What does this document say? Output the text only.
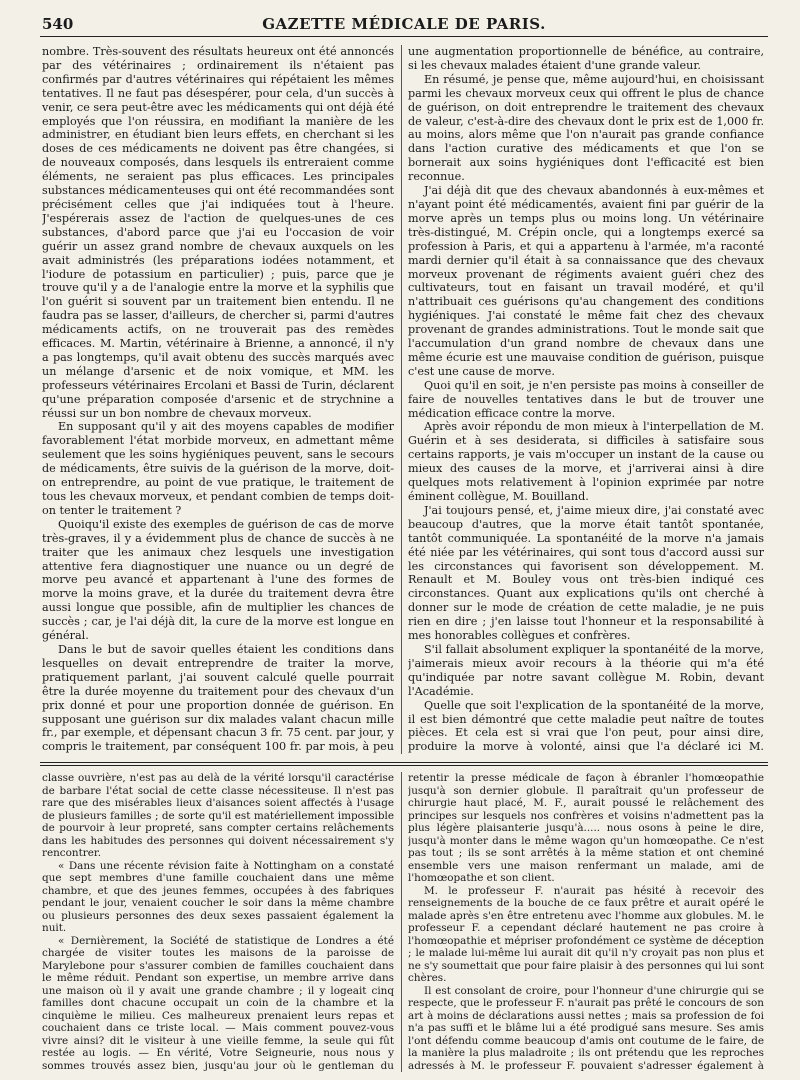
540	GAZETTE MÉDICALE DE PARIS.

nombre. Très-souvent des résultats heureux ont été annoncés par des vétérinaires ; ordinairement ils n'étaient pas confirmés par d'autres vétérinaires qui répétaient les mêmes tentatives. Il ne faut pas désespérer, pour cela, d'un succès à venir, ce sera peut-être avec les médicaments qui ont déjà été employés que l'on réussira, en modifiant la manière de les administrer, en étudiant bien leurs effets, en cherchant si les doses de ces médicaments ne doivent pas être changées, si de nouveaux composés, dans lesquels ils entreraient comme éléments, ne seraient pas plus efficaces. Les principales substances médicamenteuses qui ont été recommandées sont précisément celles que j'ai indiquées tout à l'heure. J'espérerais assez de l'action de quelques-unes de ces substances, d'abord parce que j'ai eu l'occasion de voir guérir un assez grand nombre de chevaux auxquels on les avait administrés (les préparations iodées notamment, et l'iodure de potassium en particulier) ; puis, parce que je trouve qu'il y a de l'analogie entre la morve et la syphilis que l'on guérit si souvent par un traitement bien entendu. Il ne faudra pas se lasser, d'ailleurs, de chercher si, parmi d'autres médicaments actifs, on ne trouverait pas des remèdes efficaces. M. Martin, vétérinaire à Brienne, a annoncé, il n'y a pas longtemps, qu'il avait obtenu des succès marqués avec un mélange d'arsenic et de noix vomique, et MM. les professeurs vétérinaires Ercolani et Bassi de Turin, déclarent qu'une préparation composée d'arsenic et de strychnine a réussi sur un bon nombre de chevaux morveux.

En supposant qu'il y ait des moyens capables de modifier favorablement l'état morbide morveux, en admettant même seulement que les soins hygiéniques peuvent, sans le secours de médicaments, être suivis de la guérison de la morve, doit-on entreprendre, au point de vue pratique, le traitement de tous les chevaux morveux, et pendant combien de temps doit-on tenter le traitement ?

Quoiqu'il existe des exemples de guérison de cas de morve très-graves, il y a évidemment plus de chance de succès à ne traiter que les animaux chez lesquels une investigation attentive fera diagnostiquer une nuance ou un degré de morve peu avancé et appartenant à l'une des formes de morve la moins grave, et la durée du traitement devra être aussi longue que possible, afin de multiplier les chances de succès ; car, je l'ai déjà dit, la cure de la morve est longue en général.

Dans le but de savoir quelles étaient les conditions dans lesquelles on devait entreprendre de traiter la morve, pratiquement parlant, j'ai souvent calculé quelle pourrait être la durée moyenne du traitement pour des chevaux d'un prix donné et pour une proportion donnée de guérison. En supposant une guérison sur dix malades valant chacun mille fr., par exemple, et dépensant chacun 3 fr. 75 cent. par jour, y compris le traitement, par conséquent 100 fr. par mois, à peu

une augmentation proportionnelle de bénéfice, au contraire, si les chevaux malades étaient d'une grande valeur.

En résumé, je pense que, même aujourd'hui, en choisissant parmi les chevaux morveux ceux qui offrent le plus de chance de guérison, on doit entreprendre le traitement des chevaux de valeur, c'est-à-dire des chevaux dont le prix est de 1,000 fr. au moins, alors même que l'on n'aurait pas grande confiance dans l'action curative des médicaments et que l'on se bornerait aux soins hygiéniques dont l'efficacité est bien reconnue.

J'ai déjà dit que des chevaux abandonnés à eux-mêmes et n'ayant point été médicamentés, avaient fini par guérir de la morve après un temps plus ou moins long. Un vétérinaire très-distingué, M. Crépin oncle, qui a longtemps exercé sa profession à Paris, et qui a appartenu à l'armée, m'a raconté mardi dernier qu'il était à sa connaissance que des chevaux morveux provenant de régiments avaient guéri chez des cultivateurs, tout en faisant un travail modéré, et qu'il n'attribuait ces guérisons qu'au changement des conditions hygiéniques. J'ai constaté le même fait chez des chevaux provenant de grandes administrations. Tout le monde sait que l'accumulation d'un grand nombre de chevaux dans une même écurie est une mauvaise condition de guérison, puisque c'est une cause de morve.

Quoi qu'il en soit, je n'en persiste pas moins à conseiller de faire de nouvelles tentatives dans le but de trouver une médication efficace contre la morve.

Après avoir répondu de mon mieux à l'interpellation de M. Guérin et à ses desiderata, si difficiles à satisfaire sous certains rapports, je vais m'occuper un instant de la cause ou mieux des causes de la morve, et j'arriverai ainsi à dire quelques mots relativement à l'opinion exprimée par notre éminent collègue, M. Bouilland.

J'ai toujours pensé, et, j'aime mieux dire, j'ai constaté avec beaucoup d'autres, que la morve était tantôt spontanée, tantôt communiquée. La spontanéité de la morve n'a jamais été niée par les vétérinaires, qui sont tous d'accord aussi sur les circonstances qui favorisent son développement. M. Renault et M. Bouley vous ont très-bien indiqué ces circonstances. Quant aux explications qu'ils ont cherché à donner sur le mode de création de cette maladie, je ne puis rien en dire ; j'en laisse tout l'honneur et la responsabilité à mes honorables collègues et confrères.

S'il fallait absolument expliquer la spontanéité de la morve, j'aimerais mieux avoir recours à la théorie qui m'a été qu'indiquée par notre savant collègue M. Robin, devant l'Académie.

Quelle que soit l'explication de la spontanéité de la morve, il est bien démontré que cette maladie peut naître de toutes pièces. Et cela est si vrai que l'on peut, pour ainsi dire, produire la morve à volonté, ainsi que l'a déclaré ici M.

classe ouvrière, n'est pas au delà de la vérité lorsqu'il caractérise de barbare l'état social de cette classe nécessiteuse. Il n'est pas rare que des misérables lieux d'aisances soient affectés à l'usage de plusieurs familles ; de sorte qu'il est matériellement impossible de pourvoir à leur propreté, sans compter certains relâchements dans les habitudes des personnes qui doivent nécessairement s'y rencontrer.

« Dans une récente révision faite à Nottingham on a constaté que sept membres d'une famille couchaient dans une même chambre, et que des jeunes femmes, occupées à des fabriques pendant le jour, venaient coucher le soir dans la même chambre ou plusieurs personnes des deux sexes passaient également la nuit.

« Dernièrement, la Société de statistique de Londres a été chargée de visiter toutes les maisons de la paroisse de Marylebone pour s'assurer combien de familles couchaient dans le même réduit. Pendant son expertise, un membre arrive dans une maison où il y avait une grande chambre ; il y logeait cinq familles dont chacune occupait un coin de la chambre et la cinquième le milieu. Ces malheureux prenaient leurs repas et couchaient dans ce triste local. — Mais comment pouvez-vous vivre ainsi? dit le visiteur à une vieille femme, la seule qui fût restée au logis. — En vérité, Votre Seigneurie, nous nous y sommes trouvés assez bien, jusqu'au jour où le gentleman du

retentir la presse médicale de façon à ébranler l'homœopathie jusqu'à son dernier globule. Il paraîtrait qu'un professeur de chirurgie haut placé, M. F., aurait poussé le relâchement des principes sur lesquels nos confrères et voisins n'admettent pas la plus légère plaisanterie jusqu'à..... nous osons à peine le dire, jusqu'à monter dans le même wagon qu'un homœopathe. Ce n'est pas tout ; ils se sont arrêtés à la même station et ont cheminé ensemble vers une maison renfermant un malade, ami de l'homœopathe et son client.

M. le professeur F. n'aurait pas hésité à recevoir des renseignements de la bouche de ce faux prêtre et aurait opéré le malade après s'en être entretenu avec l'homme aux globules. M. le professeur F. a cependant déclaré hautement ne pas croire à l'homœopathie et mépriser profondément ce système de déception ; le malade lui-même lui aurait dit qu'il n'y croyait pas non plus et ne s'y soumettait que pour faire plaisir à des personnes qui lui sont chères.

Il est consolant de croire, pour l'honneur d'une chirurgie qui se respecte, que le professeur F. n'aurait pas prêté le concours de son art à moins de déclarations aussi nettes ; mais sa profession de foi n'a pas suffi et le blâme lui a été prodigué sans mesure. Ses amis l'ont défendu comme beaucoup d'amis ont coutume de le faire, de la manière la plus maladroite ; ils ont prétendu que les reproches adressés à M. le professeur F. pouvaient s'adresser également à
